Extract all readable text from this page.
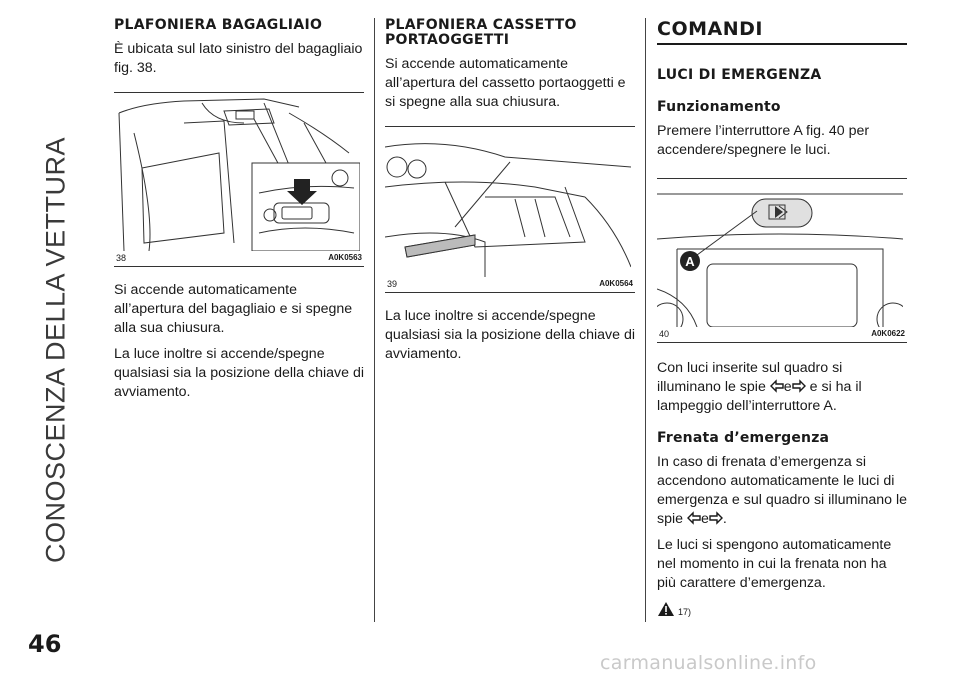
CONOSCENZA DELLA VETTURA
46
PLAFONIERA BAGAGLIAIO

È ubicata sul lato sinistro del bagagliaio fig. 38.

38	A0K0563

Si accende automaticamente all’apertura del bagagliaio e si spegne alla sua chiusura.

La luce inoltre si accende/spegne qualsiasi sia la posizione della chiave di avviamento.

PLAFONIERA CASSETTO PORTAOGGETTI

Si accende automaticamente all’apertura del cassetto portaoggetti e si spegne alla sua chiusura.

39	A0K0564

La luce inoltre si accende/spegne qualsiasi sia la posizione della chiave di avviamento.

COMANDI
LUCI DI EMERGENZA
Funzionamento

Premere l’interruttore A fig. 40 per accendere/spegnere le luci.

A
40	A0K0622

Con luci inserite sul quadro si illuminano le spie e e si ha il lampeggio dell’interruttore A.

Frenata d’emergenza

In caso di frenata d’emergenza si accendono automaticamente le luci di emergenza e sul quadro si illuminano le spie e .

Le luci si spengono automaticamente nel momento in cui la frenata non ha più carattere d’emergenza.

17)
carmanualsonline.info
